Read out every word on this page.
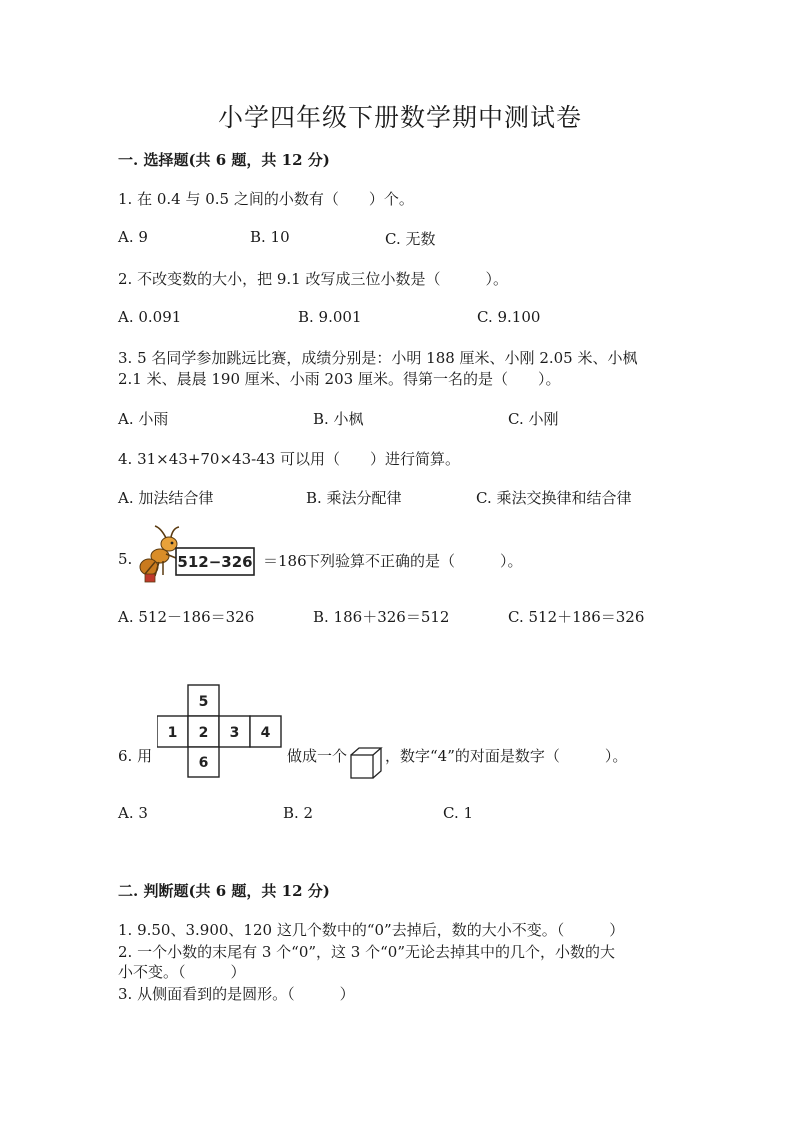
小学四年级下册数学期中测试卷
一. 选择题(共 6 题，共 12 分)
1. 在 0.4 与 0.5 之间的小数有（　　）个。
A. 9	B. 10	C. 无数
2. 不改变数的大小，把 9.1 改写成三位小数是（　　　）。
A. 0.091	B. 9.001	C. 9.100
3. 5 名同学参加跳远比赛，成绩分别是：小明 188 厘米、小刚 2.05 米、小枫
2.1 米、晨晨 190 厘米、小雨 203 厘米。得第一名的是（　　）。
A. 小雨	B. 小枫	C. 小刚
4. 31×43+70×43-43 可以用（　　）进行简算。
A. 加法结合律	B. 乘法分配律	C. 乘法交换律和结合律
5.	512−326 ＝186
下列验算不正确的是（　　　）。
A. 512－186＝326	B. 186＋326＝512	C. 512＋186＝326
6. 用
5
1 2 3 4
6	做成一个	，数字“4”的对面是数字（　　　）。
A. 3	B. 2	C. 1
二. 判断题(共 6 题，共 12 分)
1. 9.50、3.900、120 这几个数中的“0”去掉后，数的大小不变。（　　　）
2. 一个小数的末尾有 3 个“0”，这 3 个“0”无论去掉其中的几个，小数的大
小不变。（　　　）
3. 从侧面看到的是圆形。（　　　）
